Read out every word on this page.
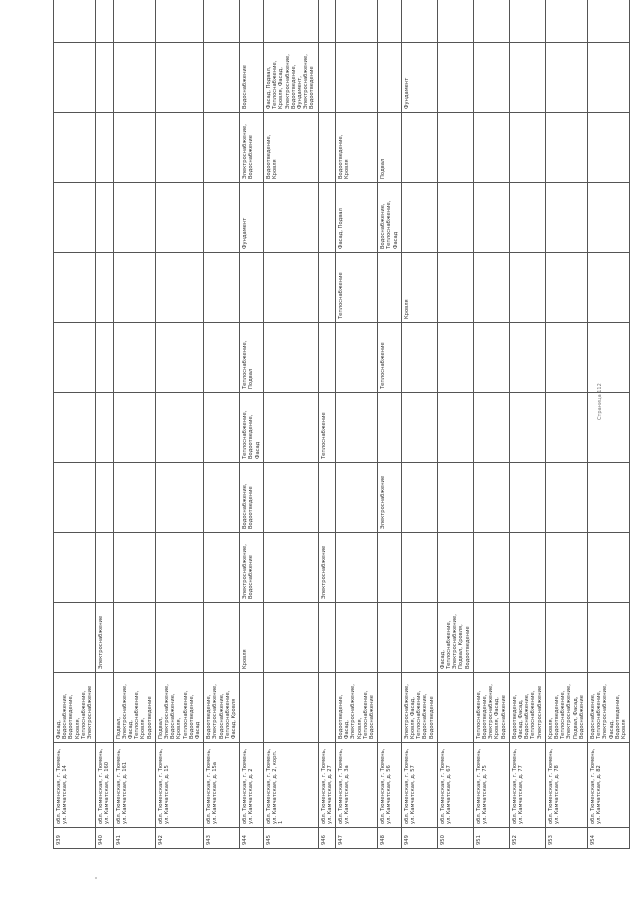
939	обл. Тюменская, г. Тюмень, ул. Камчатская, д. 14	Фасад, Водоснабжение, Водоотведение, Кровля, Теплоснабжение, Электроснабжение										
940	обл. Тюменская, г. Тюмень, ул. Камчатская, д. 160		Электроснабжение									
941	обл. Тюменская, г. Тюмень, ул. Камчатская, д. 161	Подвал, Электроснабжение, Фасад, Теплоснабжение, Кровля, Водоотведение										
942	обл. Тюменская, г. Тюмень, ул. Камчатская, д. 15	Подвал, Электроснабжение, Водоснабжение, Кровля, Теплоснабжение, Водоотведение, Фасад										
943	обл. Тюменская, г. Тюмень, ул. Камчатская, д. 15а	Водоотведение, Электроснабжение, Водоснабжение, Теплоснабжение, Фасад, Кровля										
944	обл. Тюменская, г. Тюмень, ул. Камчатская, д. 2		Кровля	Электроснабжение, Водоснабжение	Водоснабжение, Водоотведение	Теплоснабжение, Водоотведение, Фасад	Теплоснабжение, Подвал		Фундамент	Электроснабжение, Водоснабжение	Водоснабжение	
945	обл. Тюменская, г. Тюмень, ул. Камчатская, д. 2, корп. 1									Водоотведение, Кровля	Фасад, Подвал, Теплоснабжение, Кровля, Фасад, Электроснабжение, Водоотведение, Фундамент, Электроснабжение, Водоотведение	
946	обл. Тюменская, г. Тюмень, ул. Камчатская, д. 27			Электроснабжение		Теплоснабжение						
947	обл. Тюменская, г. Тюмень, ул. Камчатская, д. 3а	Водоотведение, Фасад, Электроснабжение, Кровля, Теплоснабжение, Водоснабжение						Теплоснабжение	Фасад, Подвал	Водоотведение, Кровля		
948	обл. Тюменская, г. Тюмень, ул. Камчатская, д. 56				Электроснабжение		Теплоснабжение		Водоснабжение, Теплоснабжение, Фасад	Подвал		
949	обл. Тюменская, г. Тюмень, ул. Камчатская, д. 57	Электроснабжение, Кровля, Фасад, Теплоснабжение, Водоснабжение, Водоотведение						Кровля			Фундамент	
950	обл. Тюменская, г. Тюмень, ул. Камчатская, д. 67		Фасад, Теплоснабжение, Электроснабжение, Подвал, Кровля, Водоотведение									
951	обл. Тюменская, г. Тюмень, ул. Камчатская, д. 75	Теплоснабжение, Водоотведение, Электроснабжение, Кровля, Фасад, Водоснабжение										
952	обл. Тюменская, г. Тюмень, ул. Камчатская, д. 77	Водоотведение, Фасад, Фасад, Водоснабжение, Теплоснабжение, Электроснабжение										
953	обл. Тюменская, г. Тюмень, ул. Камчатская, д. 78	Кровля, Водоотведение, Теплоснабжение, Электроснабжение, Подвал, Фасад, Водоснабжение										
954	обл. Тюменская, г. Тюмень, ул. Камчатская, д. 82	Водоснабжение, Теплоснабжение, Электроснабжение, Фасад, Водоотведение, Кровля										
Страница 112
